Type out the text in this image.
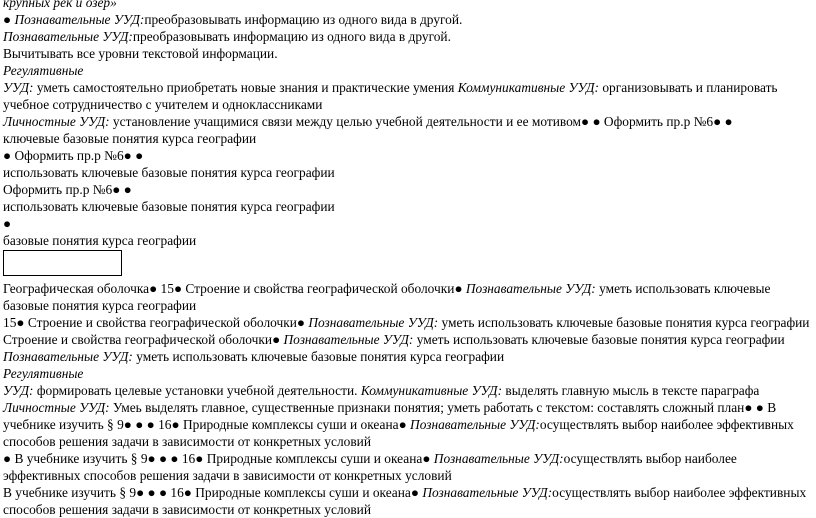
крупных рек и озер»

● Познавательные УУД:преобразовывать информацию из одного вида в другой.

Познавательные УУД:преобразовывать информацию из одного вида в другой.

Вычитывать все уровни текстовой информации.

Регулятивные
УУД: уметь самостоятельно приобретать новые знания и практические умения Коммуникативные УУД: организовывать и планировать учебное сотрудничество с учителем и одноклассниками

Личностные УУД: установление учащимися связи между целью учебной деятельности и ее мотивом● ● Оформить пр.р №6● ●

ключевые базовые понятия курса географии

● Оформить пр.р №6● ●

использовать ключевые базовые понятия курса географии

Оформить пр.р №6● ●

использовать ключевые базовые понятия курса географии

●

базовые понятия курса географии

Географическая оболочка● 15● Строение и свойства географической оболочки● Познавательные УУД: уметь использовать ключевые базовые понятия курса географии

15● Строение и свойства географической оболочки● Познавательные УУД: уметь использовать ключевые базовые понятия курса географии

Строение и свойства географической оболочки● Познавательные УУД: уметь использовать ключевые базовые понятия курса географии

Познавательные УУД: уметь использовать ключевые базовые понятия курса географии

Регулятивные
УУД: формировать целевые установки учебной деятельности. Коммуникативные УУД: выделять главную мысль в тексте параграфа

Личностные УУД: Умеь выделять главное, существенные признаки понятия; уметь работать с текстом: составлять сложный план● ● В учебнике изучить § 9● ● ● 16● Природные комплексы суши и океана● Познавательные УУД:осуществлять выбор наиболее эффективных способов решения задачи в зависимости от конкретных условий

● В учебнике изучить § 9● ● ● 16● Природные комплексы суши и океана● Познавательные УУД:осуществлять выбор наиболее эффективных способов решения задачи в зависимости от конкретных условий

В учебнике изучить § 9● ● ● 16● Природные комплексы суши и океана● Познавательные УУД:осуществлять выбор наиболее эффективных способов решения задачи в зависимости от конкретных условий
